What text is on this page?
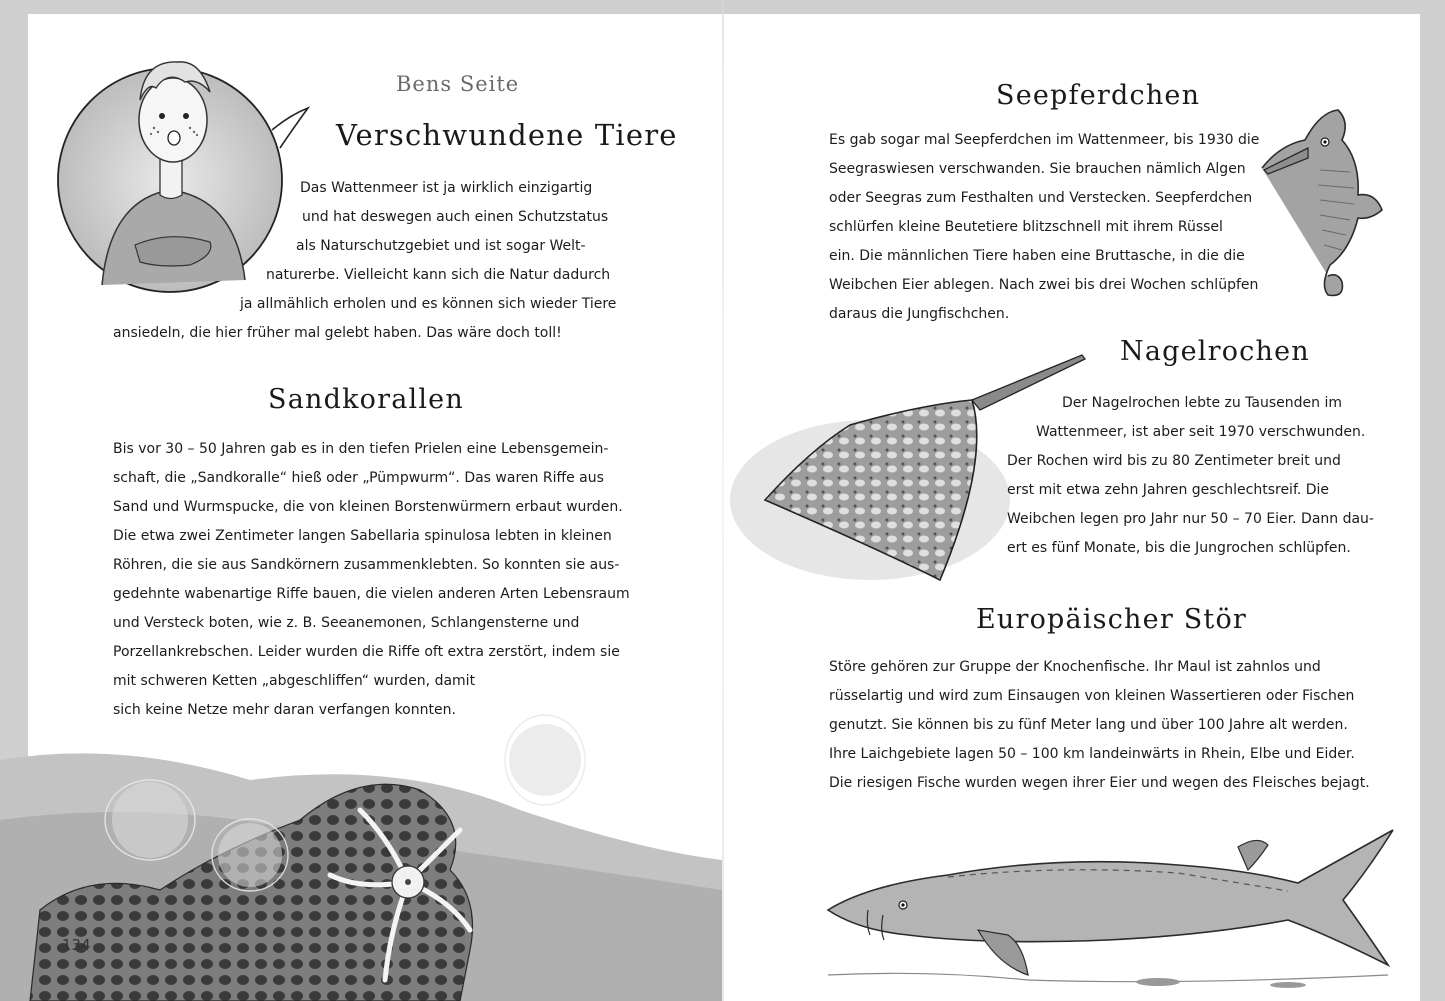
Bens Seite
Verschwundene Tiere
Das Wattenmeer ist ja wirklich einzigartig
und hat deswegen auch einen Schutzstatus
als Naturschutzgebiet und ist sogar Welt-
naturerbe. Vielleicht kann sich die Natur dadurch
ja allmählich erholen und es können sich wieder Tiere
ansiedeln, die hier früher mal gelebt haben. Das wäre doch toll!
Sandkorallen
Bis vor 30 – 50 Jahren gab es in den tiefen Prielen eine Lebensgemein-
schaft, die „Sandkoralle“ hieß oder „Pümpwurm“. Das waren Riffe aus
Sand und Wurmspucke, die von kleinen Borstenwürmern erbaut wurden.
Die etwa zwei Zentimeter langen Sabellaria spinulosa lebten in kleinen
Röhren, die sie aus Sandkörnern zusammenklebten. So konnten sie aus-
gedehnte wabenartige Riffe bauen, die vielen anderen Arten Lebensraum
und Versteck boten, wie z. B. Seeanemonen, Schlangensterne und
Porzellankrebschen. Leider wurden die Riffe oft extra zerstört, indem sie
mit schweren Ketten „abgeschliffen“ wurden, damit
sich keine Netze mehr daran verfangen konnten.
134
Seepferdchen
Es gab sogar mal Seepferdchen im Wattenmeer, bis 1930 die
Seegraswiesen verschwanden. Sie brauchen nämlich Algen
oder Seegras zum Festhalten und Verstecken. Seepferdchen
schlürfen kleine Beutetiere blitzschnell mit ihrem Rüssel
ein. Die männlichen Tiere haben eine Bruttasche, in die die
Weibchen Eier ablegen. Nach zwei bis drei Wochen schlüpfen
daraus die Jungfischchen.
Nagelrochen
Der Nagelrochen lebte zu Tausenden im
Wattenmeer, ist aber seit 1970 verschwunden.
Der Rochen wird bis zu 80 Zentimeter breit und
erst mit etwa zehn Jahren geschlechtsreif. Die
Weibchen legen pro Jahr nur 50 – 70 Eier. Dann dau-
ert es fünf Monate, bis die Jungrochen schlüpfen.
Europäischer Stör
Störe gehören zur Gruppe der Knochenfische. Ihr Maul ist zahnlos und
rüsselartig und wird zum Einsaugen von kleinen Wassertieren oder Fischen
genutzt. Sie können bis zu fünf Meter lang und über 100 Jahre alt werden.
Ihre Laichgebiete lagen 50 – 100 km landeinwärts in Rhein, Elbe und Eider.
Die riesigen Fische wurden wegen ihrer Eier und wegen des Fleisches bejagt.
